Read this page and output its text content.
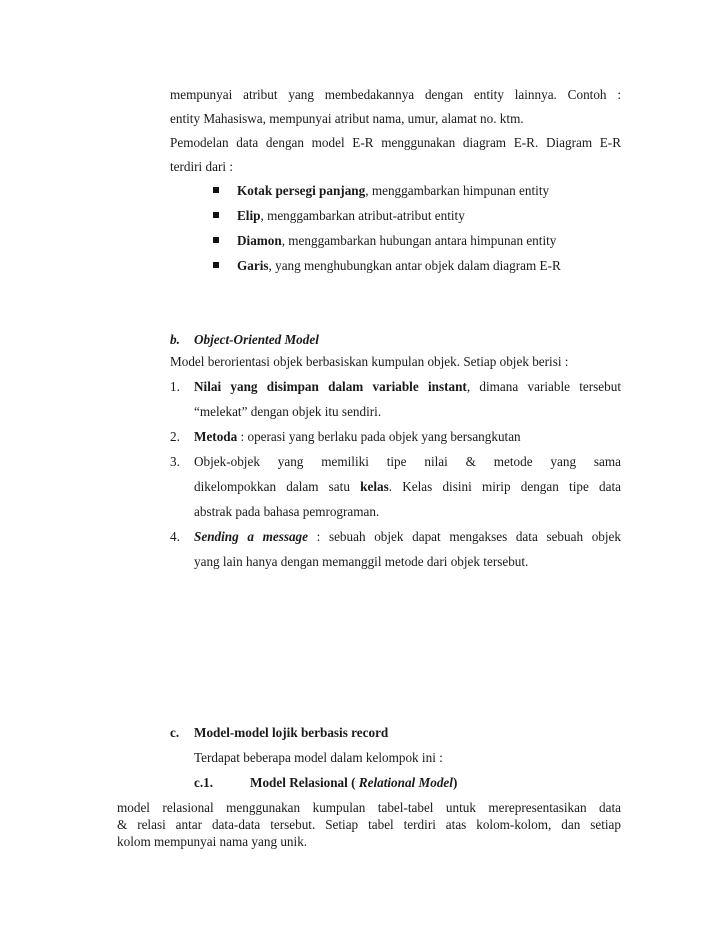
mempunyai atribut yang membedakannya dengan entity lainnya. Contoh :
entity Mahasiswa, mempunyai atribut nama, umur, alamat no. ktm.
Pemodelan data dengan model E-R menggunakan diagram E-R. Diagram E-R
terdiri dari :
Kotak persegi panjang, menggambarkan himpunan entity
Elip, menggambarkan atribut-atribut entity
Diamon, menggambarkan hubungan antara himpunan entity
Garis, yang menghubungkan antar objek dalam diagram E-R
b. Object-Oriented Model
Model berorientasi objek berbasiskan kumpulan objek. Setiap objek berisi :
1. Nilai yang disimpan dalam variable instant, dimana variable tersebut
“melekat” dengan objek itu sendiri.
2. Metoda : operasi yang berlaku pada objek yang bersangkutan
3. Objek-objek yang memiliki tipe nilai & metode yang sama
dikelompokkan dalam satu kelas. Kelas disini mirip dengan tipe data
abstrak pada bahasa pemrograman.
4. Sending a message : sebuah objek dapat mengakses data sebuah objek
yang lain hanya dengan memanggil metode dari objek tersebut.
c. Model-model lojik berbasis record
Terdapat beberapa model dalam kelompok ini :
c.1.	Model Relasional ( Relational Model)
model relasional menggunakan kumpulan tabel-tabel untuk merepresentasikan data
& relasi antar data-data tersebut. Setiap tabel terdiri atas kolom-kolom, dan setiap
kolom mempunyai nama yang unik.
